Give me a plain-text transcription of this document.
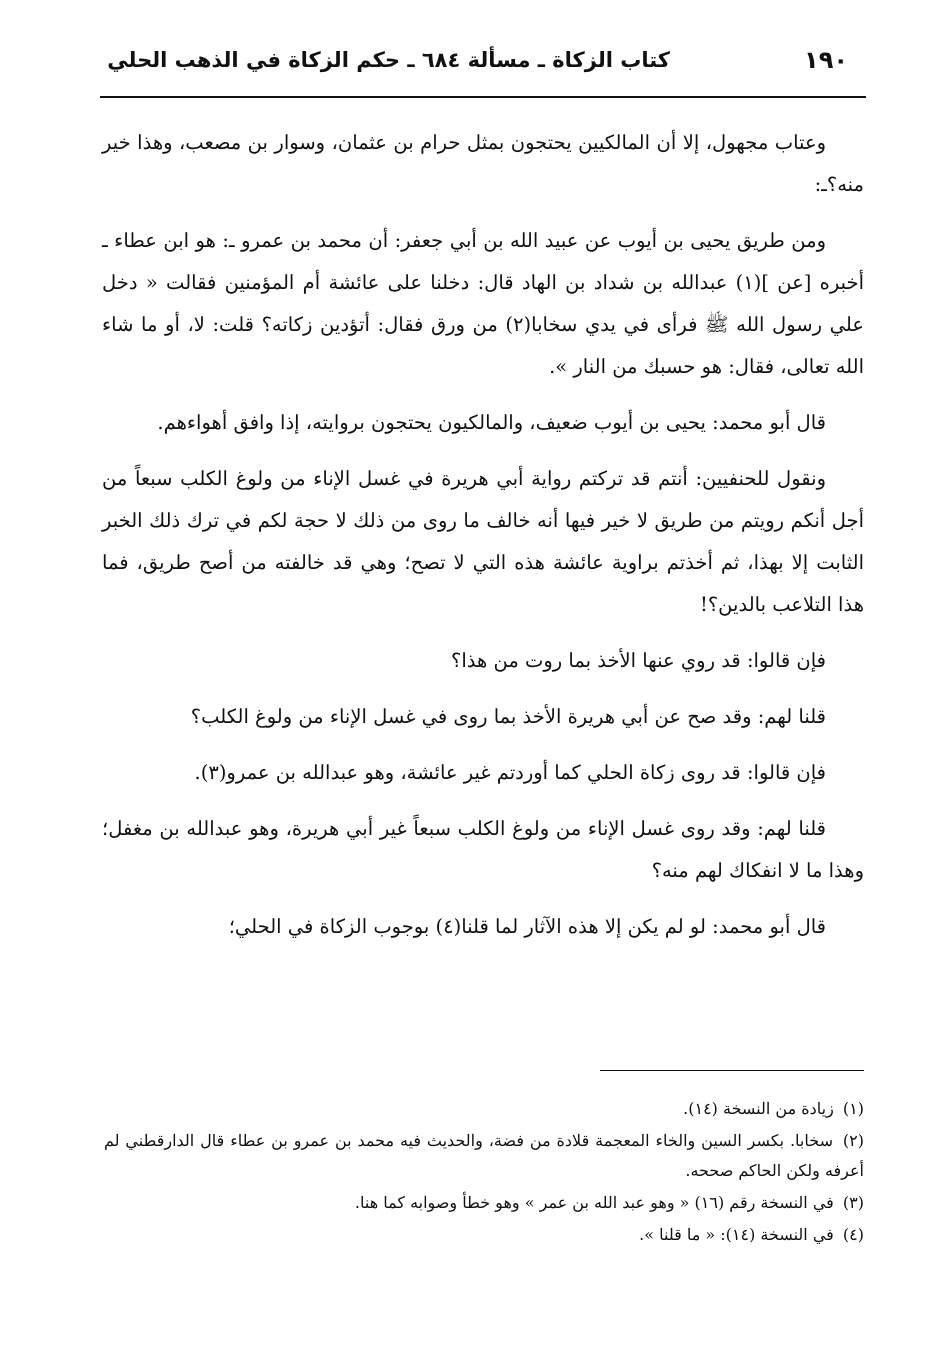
١٩٠
كتاب الزكاة ـ مسألة ٦٨٤ ـ حكم الزكاة في الذهب الحلي

وعتاب مجهول، إلا أن المالكيين يحتجون بمثل حرام بن عثمان، وسوار بن مصعب، وهذا خير منه؟ـ:

ومن طريق يحيى بن أيوب عن عبيد الله بن أبي جعفر: أن محمد بن عمرو ـ: هو ابن عطاء ـ أخبره [عن ](١) عبدالله بن شداد بن الهاد قال: دخلنا على عائشة أم المؤمنين فقالت « دخل علي رسول الله ﷺ فرأى في يدي سخابا(٢) من ورق فقال: أتؤدين زكاته؟ قلت: لا، أو ما شاء الله تعالى، فقال: هو حسبك من النار ».

قال أبو محمد: يحيى بن أيوب ضعيف، والمالكيون يحتجون بروايته، إذا وافق أهواءهم.

ونقول للحنفيين: أنتم قد تركتم رواية أبي هريرة في غسل الإناء من ولوغ الكلب سبعاً من أجل أنكم رويتم من طريق لا خير فيها أنه خالف ما روى من ذلك لا حجة لكم في ترك ذلك الخبر الثابت إلا بهذا، ثم أخذتم براوية عائشة هذه التي لا تصح؛ وهي قد خالفته من أصح طريق، فما هذا التلاعب بالدين؟!

فإن قالوا: قد روي عنها الأخذ بما روت من هذا؟

قلنا لهم: وقد صح عن أبي هريرة الأخذ بما روى في غسل الإناء من ولوغ الكلب؟

فإن قالوا: قد روى زكاة الحلي كما أوردتم غير عائشة، وهو عبدالله بن عمرو(٣).

قلنا لهم: وقد روى غسل الإناء من ولوغ الكلب سبعاً غير أبي هريرة، وهو عبدالله بن مغفل؛ وهذا ما لا انفكاك لهم منه؟

قال أبو محمد: لو لم يكن إلا هذه الآثار لما قلنا(٤) بوجوب الزكاة في الحلي؛

(١) زيادة من النسخة (١٤).

(٢) سخابا. بكسر السين والخاء المعجمة قلادة من فضة، والحديث فيه محمد بن عمرو بن عطاء قال الدارقطني لم أعرفه ولكن الحاكم صححه.

(٣) في النسخة رقم (١٦) « وهو عبد الله بن عمر » وهو خطأ وصوابه كما هنا.

(٤) في النسخة (١٤): « ما قلنا ».
